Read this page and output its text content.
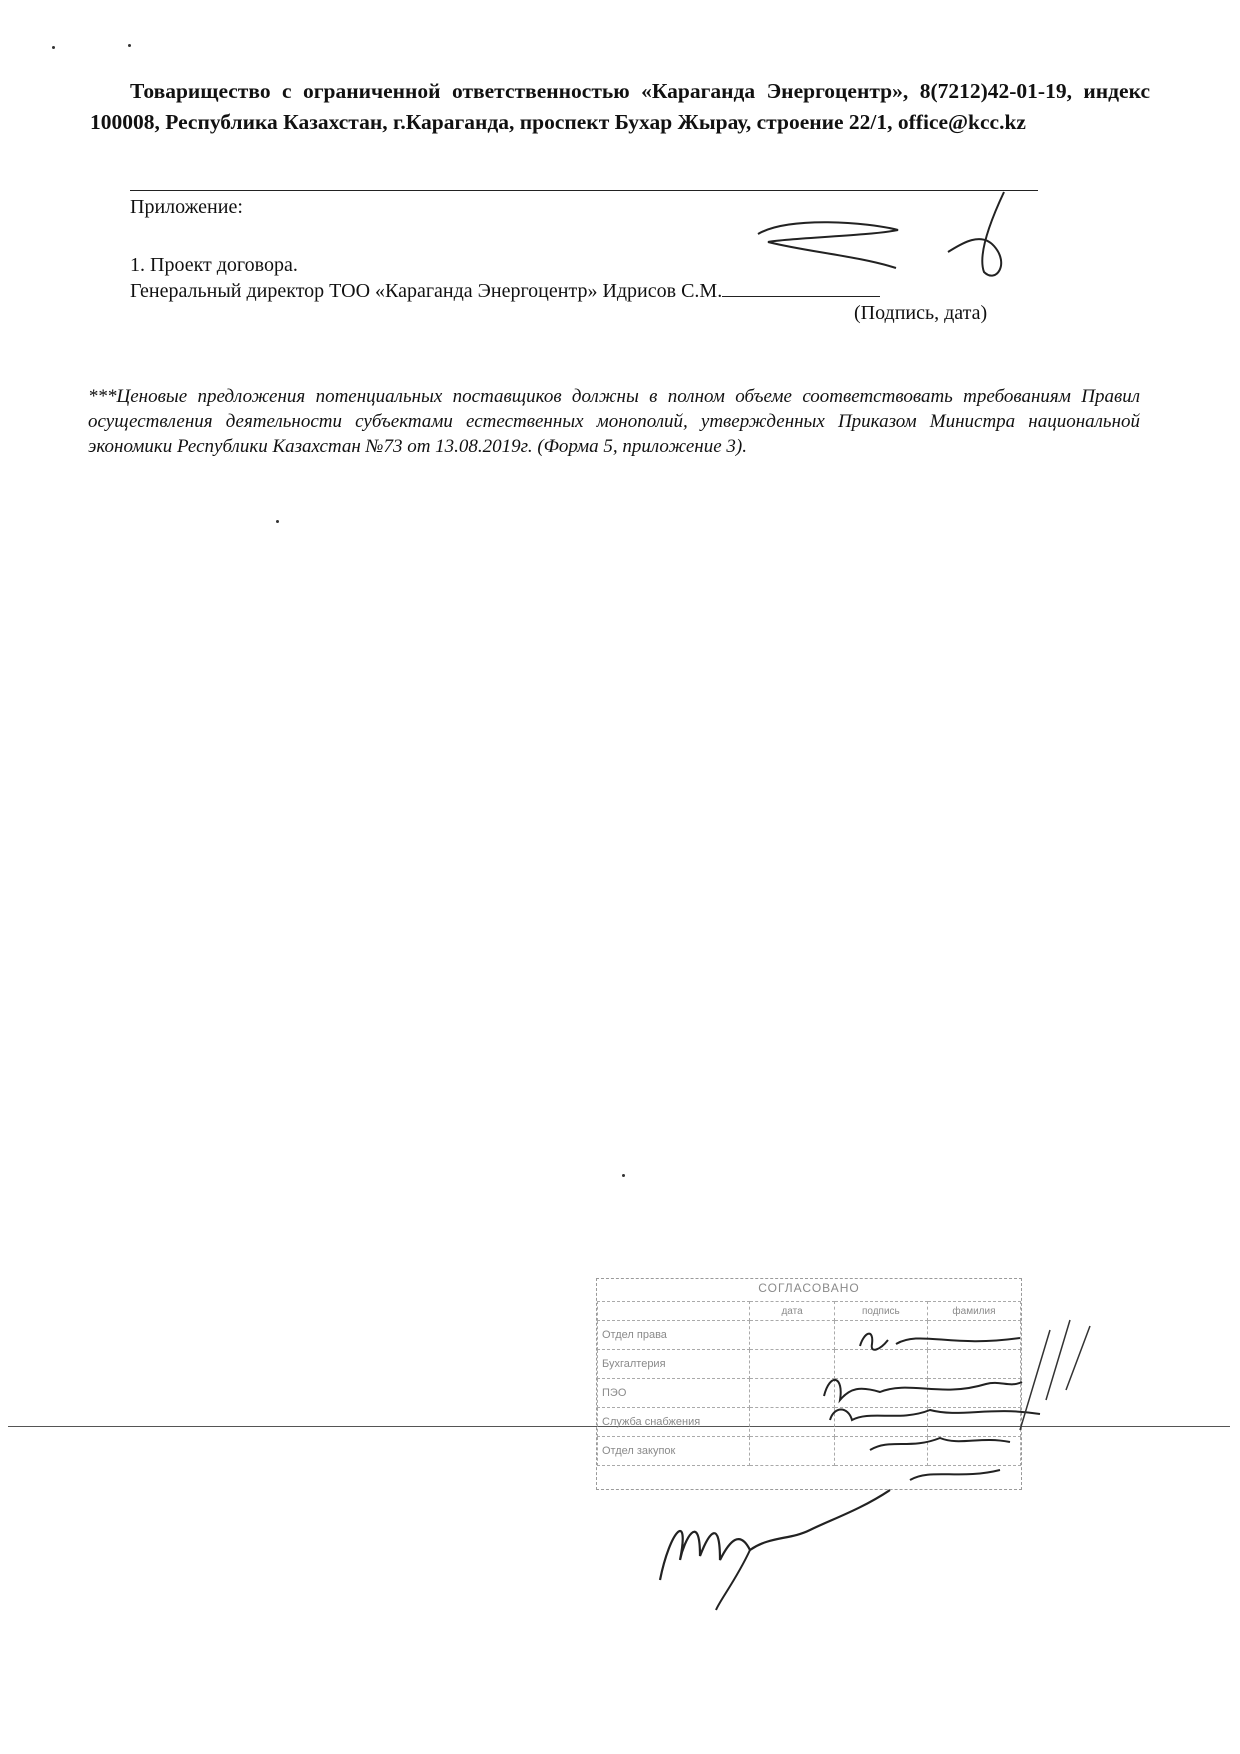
Товарищество с ограниченной ответственностью «Караганда Энергоцентр», 8(7212)42-01-19, индекс 100008, Республика Казахстан, г.Караганда, проспект Бухар Жырау, строение 22/1, office@kcc.kz
Приложение:
1. Проект договора.
Генеральный директор ТОО «Караганда Энергоцентр» Идрисов С.М.
(Подпись, дата)
***Ценовые предложения потенциальных поставщиков должны в полном объеме соответствовать требованиям Правил осуществления деятельности субъектами естественных монополий, утвержденных Приказом Министра национальной экономики Республики Казахстан №73 от 13.08.2019г. (Форма 5, приложение 3).
СОГЛАСОВАНО
	дата	подпись	фамилия
Отдел права			
Бухгалтерия			
ПЭО			
Служба снабжения			
Отдел закупок			
